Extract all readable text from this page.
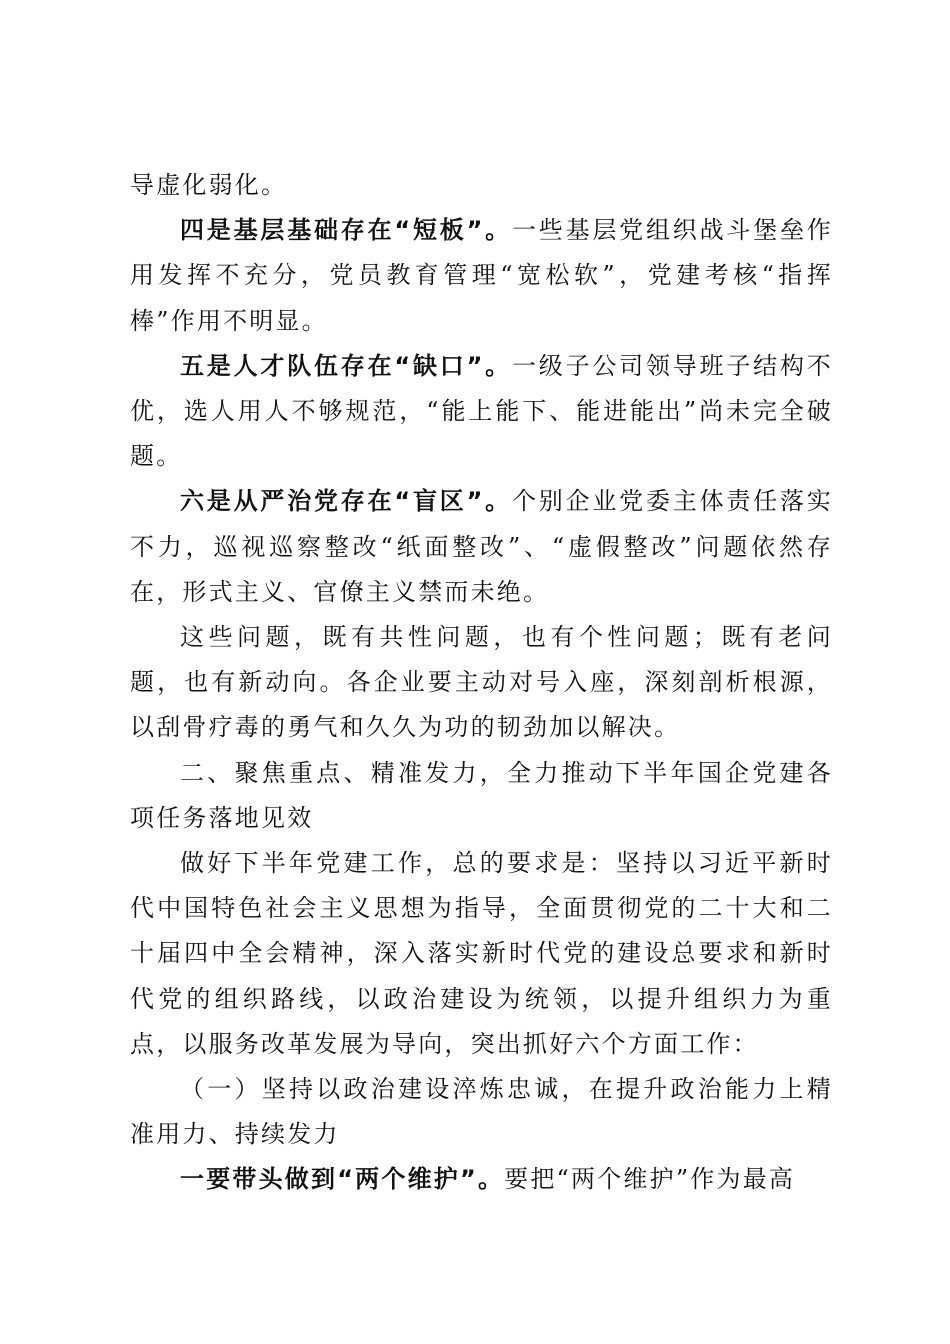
导虚化弱化。

四是基层基础存在“短板”。一些基层党组织战斗堡垒作用发挥不充分，党员教育管理“宽松软”，党建考核“指挥棒”作用不明显。

五是人才队伍存在“缺口”。一级子公司领导班子结构不优，选人用人不够规范，“能上能下、能进能出”尚未完全破题。

六是从严治党存在“盲区”。个别企业党委主体责任落实不力，巡视巡察整改“纸面整改”、“虚假整改”问题依然存在，形式主义、官僚主义禁而未绝。

这些问题，既有共性问题，也有个性问题；既有老问题，也有新动向。各企业要主动对号入座，深刻剖析根源，以刮骨疗毒的勇气和久久为功的韧劲加以解决。

二、聚焦重点、精准发力，全力推动下半年国企党建各项任务落地见效

做好下半年党建工作，总的要求是：坚持以习近平新时代中国特色社会主义思想为指导，全面贯彻党的二十大和二十届四中全会精神，深入落实新时代党的建设总要求和新时代党的组织路线，以政治建设为统领，以提升组织力为重点，以服务改革发展为导向，突出抓好六个方面工作：

（一）坚持以政治建设淬炼忠诚，在提升政治能力上精准用力、持续发力

一要带头做到“两个维护”。要把“两个维护”作为最高
